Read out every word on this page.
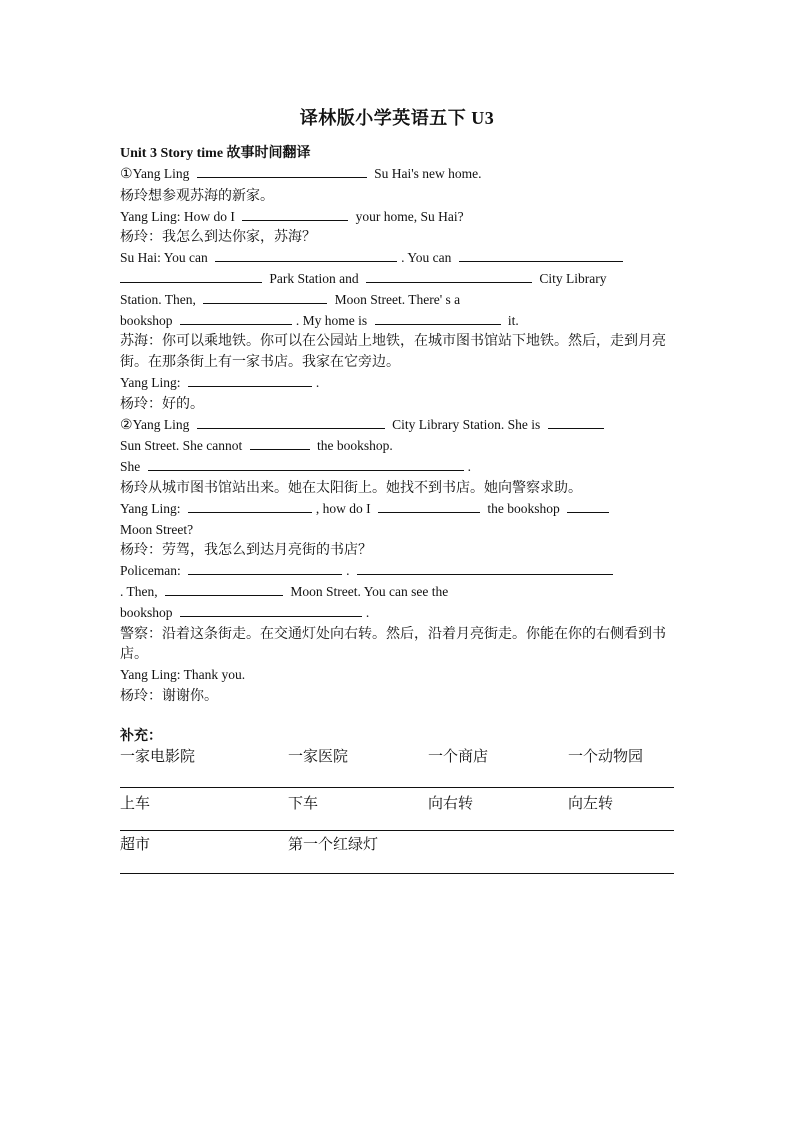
译林版小学英语五下 U3
Unit 3 Story time 故事时间翻译
①Yang Ling	Su Hai's new home.
杨玲想参观苏海的新家。
Yang Ling: How do I	your home, Su Hai?
杨玲：我怎么到达你家，苏海？
Su Hai: You can	. You can
Park Station and	City Library
Station. Then,	Moon Street. There' s a
bookshop	. My home is	it.
苏海：你可以乘地铁。你可以在公园站上地铁，在城市图书馆站下地铁。然后，走到月亮街。在那条街上有一家书店。我家在它旁边。
Yang Ling:	.
杨玲：好的。
②Yang Ling	City Library Station. She is
Sun Street. She cannot	the bookshop.
She	.
杨玲从城市图书馆站出来。她在太阳街上。她找不到书店。她向警察求助。
Yang Ling:	, how do I	the bookshop
Moon Street?
杨玲：劳驾，我怎么到达月亮街的书店？
Policeman:	.
. Then,	Moon Street. You can see the
bookshop	.
警察：沿着这条街走。在交通灯处向右转。然后，沿着月亮街走。你能在你的右侧看到书店。
Yang Ling: Thank you.
杨玲：谢谢你。
补充：
一家电影院	一家医院	一个商店	一个动物园
上车	下车	向右转	向左转
超市	第一个红绿灯
